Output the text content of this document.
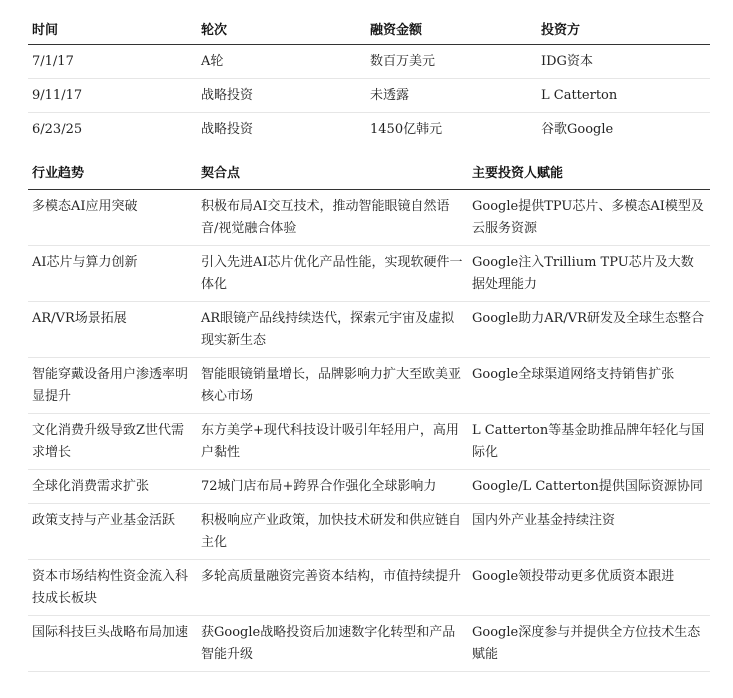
时间	轮次	融资金额	投资方
7/1/17	A轮	数百万美元	IDG资本
9/11/17	战略投资	未透露	L Catterton
6/23/25	战略投资	1450亿韩元	谷歌Google
行业趋势	契合点	主要投资人赋能
多模态AI应用突破	积极布局AI交互技术，推动智能眼镜自然语音/视觉融合体验	Google提供TPU芯片、多模态AI模型及云服务资源
AI芯片与算力创新	引入先进AI芯片优化产品性能，实现软硬件一体化	Google注入Trillium TPU芯片及大数据处理能力
AR/VR场景拓展	AR眼镜产品线持续迭代，探索元宇宙及虚拟现实新生态	Google助力AR/VR研发及全球生态整合
智能穿戴设备用户渗透率明显提升	智能眼镜销量增长，品牌影响力扩大至欧美亚核心市场	Google全球渠道网络支持销售扩张
文化消费升级导致Z世代需求增长	东方美学+现代科技设计吸引年轻用户，高用户黏性	L Catterton等基金助推品牌年轻化与国际化
全球化消费需求扩张	72城门店布局+跨界合作强化全球影响力	Google/L Catterton提供国际资源协同
政策支持与产业基金活跃	积极响应产业政策，加快技术研发和供应链自主化	国内外产业基金持续注资
资本市场结构性资金流入科技成长板块	多轮高质量融资完善资本结构，市值持续提升	Google领投带动更多优质资本跟进
国际科技巨头战略布局加速	获Google战略投资后加速数字化转型和产品智能升级	Google深度参与并提供全方位技术生态赋能
